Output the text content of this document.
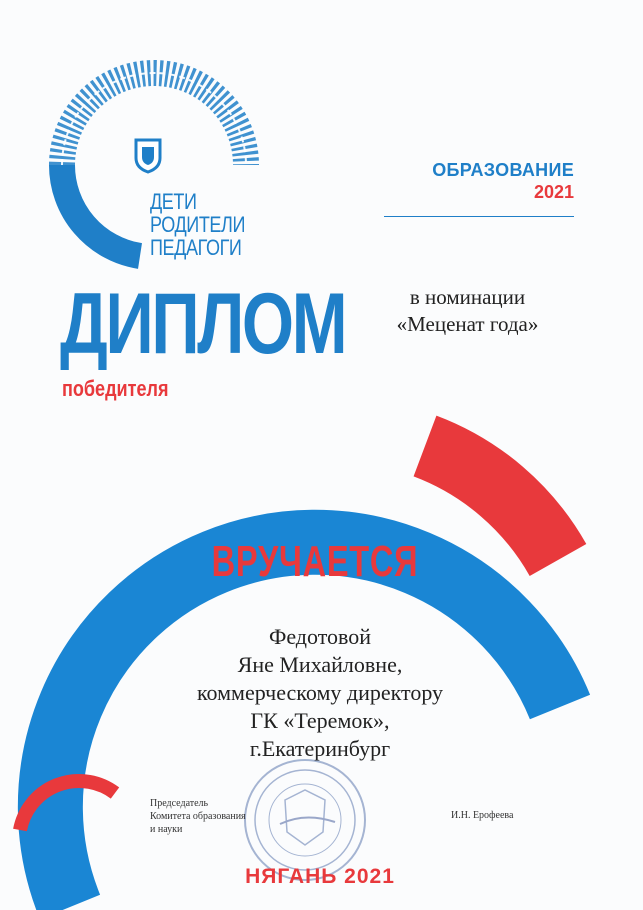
ДЕТИ
РОДИТЕЛИ
ПЕДАГОГИ
ОБРАЗОВАНИЕ
2021
ДИПЛОМ
победителя
в номинации
«Меценат года»
ВРУЧАЕТСЯ
Федотовой
Яне Михайловне,
коммерческому директору
ГК «Теремок»,
г.Екатеринбург
Председатель
Комитета образования
и науки
И.Н. Ерофеева
НЯГАНЬ 2021
